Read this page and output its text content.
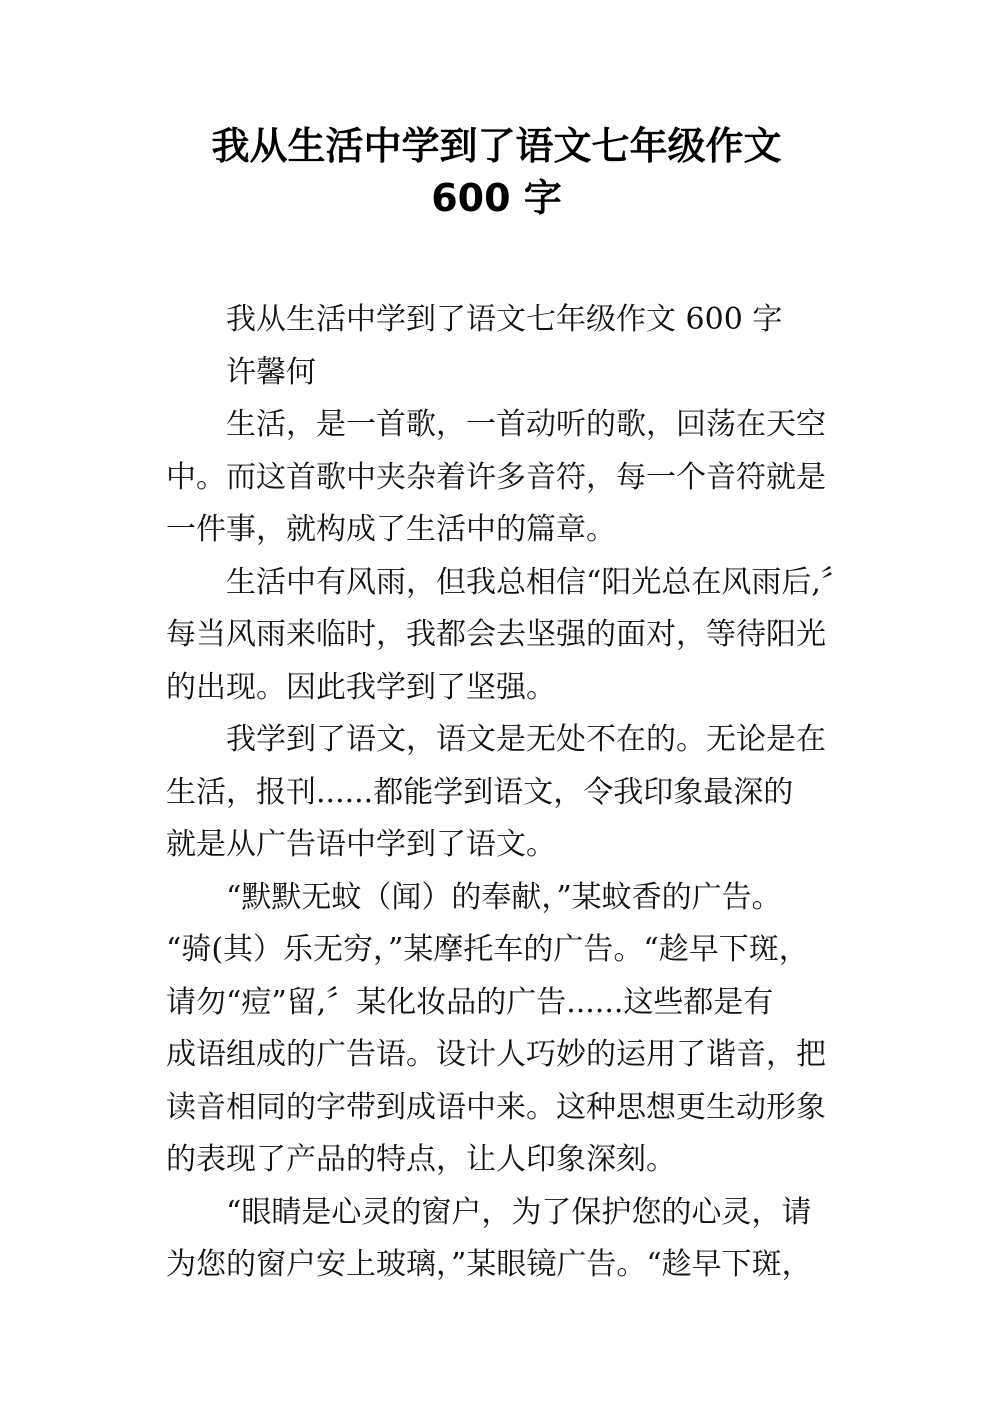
我从生活中学到了语文七年级作文
600 字

我从生活中学到了语文七年级作文 600 字

许馨何

生活，是一首歌，一首动听的歌，回荡在天空
中。而这首歌中夹杂着许多音符，每一个音符就是
一件事，就构成了生活中的篇章。

生活中有风雨，但我总相信“阳光总在风雨后,〞
每当风雨来临时，我都会去坚强的面对，等待阳光
的出现。因此我学到了坚强。

我学到了语文，语文是无处不在的。无论是在
生活，报刊......都能学到语文，令我印象最深的
就是从广告语中学到了语文。

“默默无蚊（闻）的奉献，”某蚊香的广告。
“骑(其）乐无穷，”某摩托车的广告。“趁早下斑，
请勿“痘”留,〞某化妆品的广告......这些都是有
成语组成的广告语。设计人巧妙的运用了谐音，把
读音相同的字带到成语中来。这种思想更生动形象
的表现了产品的特点，让人印象深刻。

“眼睛是心灵的窗户，为了保护您的心灵，请
为您的窗户安上玻璃，”某眼镜广告。“趁早下斑，
